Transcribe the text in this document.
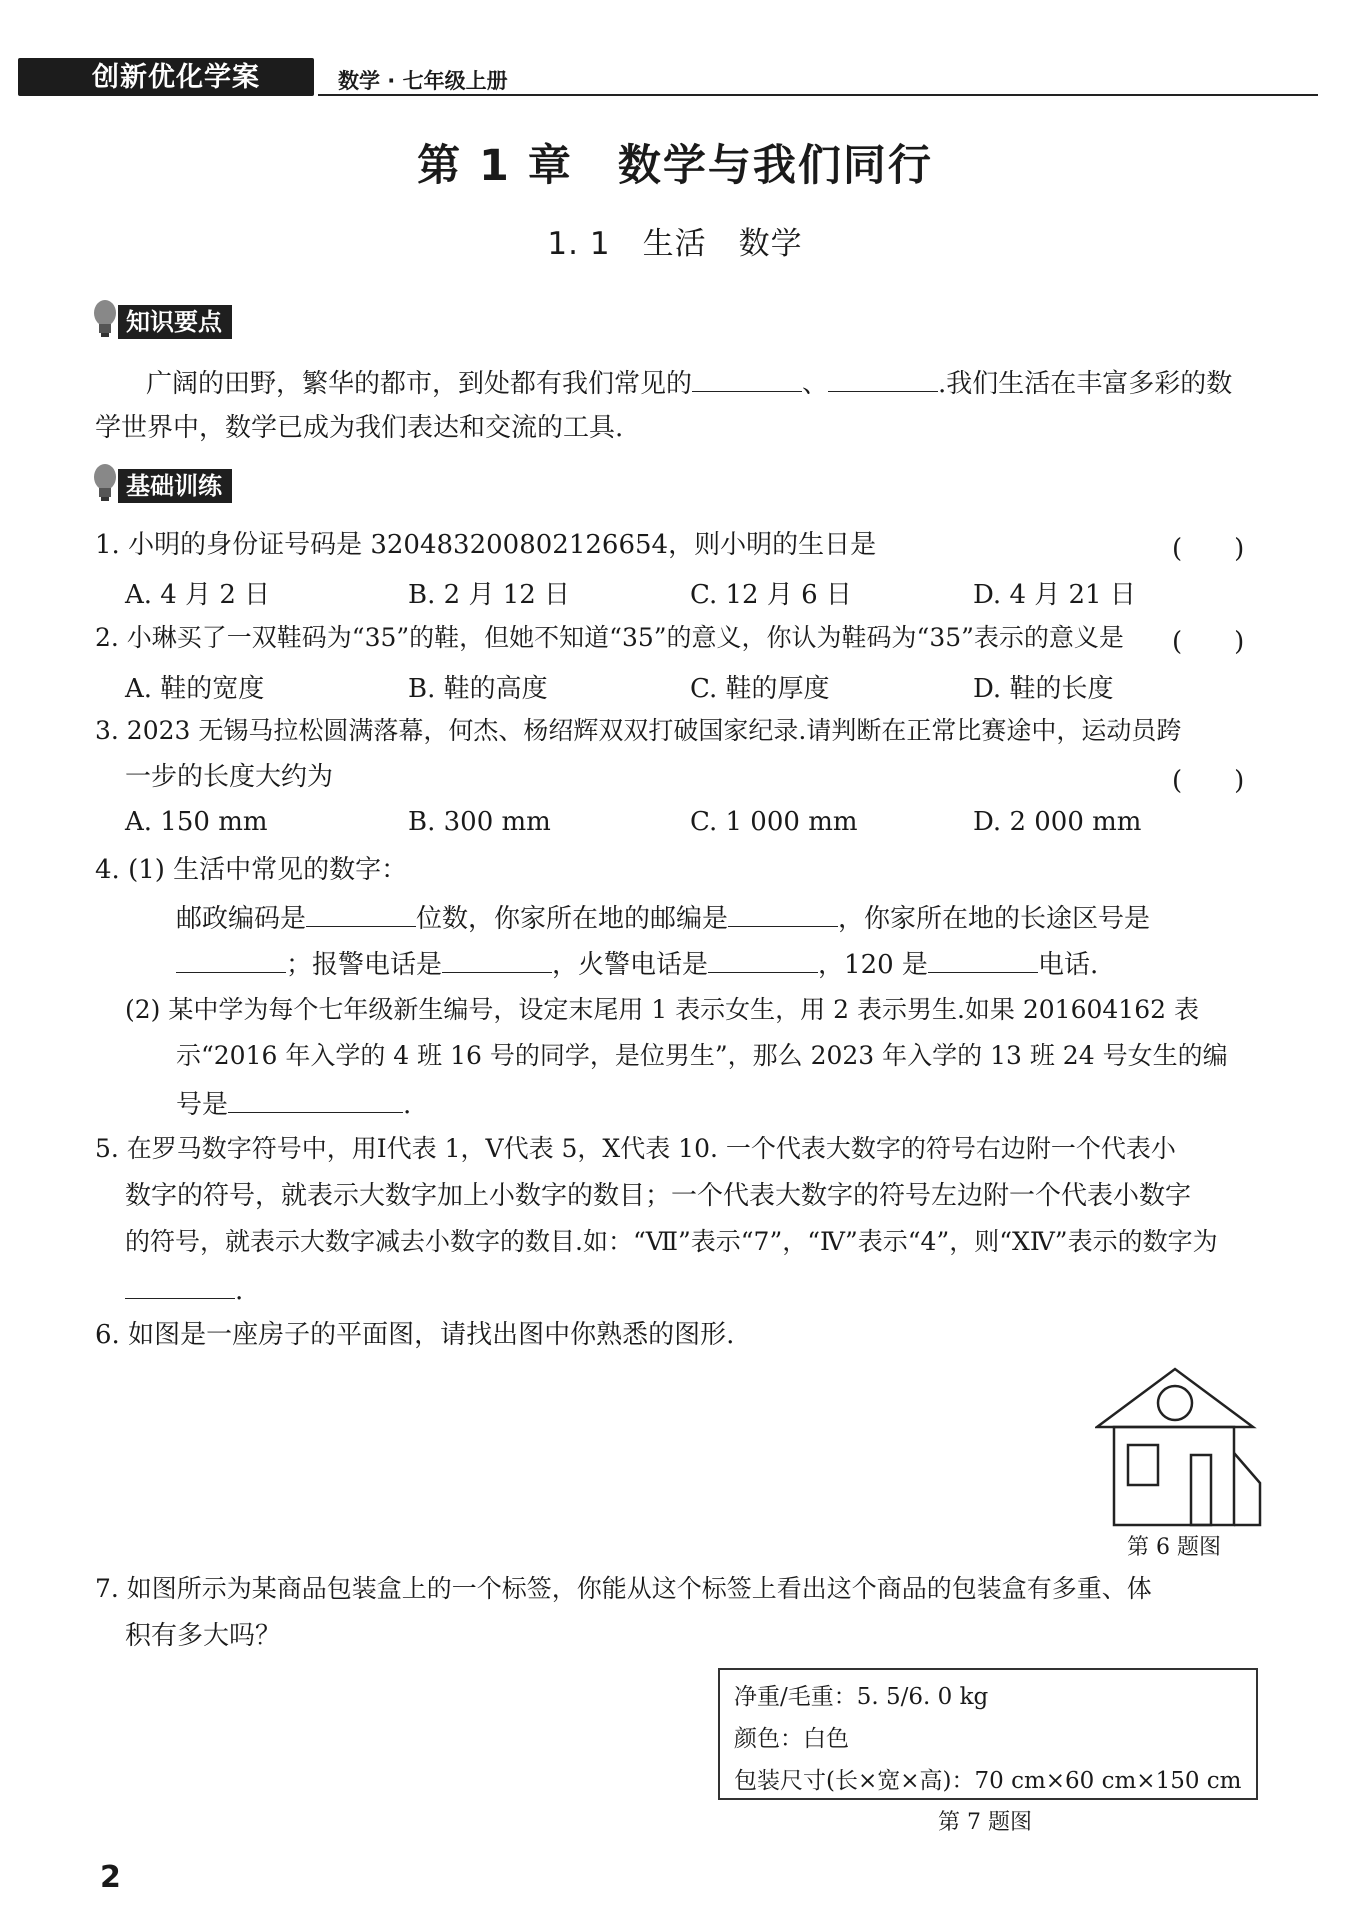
创新优化学案	数学 · 七年级上册
第 1 章　数学与我们同行
1. 1　生活　数学
知识要点
广阔的田野，繁华的都市，到处都有我们常见的	、	.我们生活在丰富多彩的数
学世界中，数学已成为我们表达和交流的工具.
基础训练
1. 小明的身份证号码是 320483200802126654，则小明的生日是	(　　)
A. 4 月 2 日	B. 2 月 12 日	C. 12 月 6 日	D. 4 月 21 日
2. 小琳买了一双鞋码为“35”的鞋，但她不知道“35”的意义，你认为鞋码为“35”表示的意义是 (　　)
A. 鞋的宽度	B. 鞋的高度	C. 鞋的厚度	D. 鞋的长度
3. 2023 无锡马拉松圆满落幕，何杰、杨绍辉双双打破国家纪录.请判断在正常比赛途中，运动员跨
一步的长度大约为	(　　)
A. 150 mm	B. 300 mm	C. 1 000 mm	D. 2 000 mm
4. (1) 生活中常见的数字：
邮政编码是	位数，你家所在地的邮编是	，你家所在地的长途区号是
；报警电话是	，火警电话是	，120 是	电话.
(2) 某中学为每个七年级新生编号，设定末尾用 1 表示女生，用 2 表示男生.如果 201604162 表
示“2016 年入学的 4 班 16 号的同学，是位男生”，那么 2023 年入学的 13 班 24 号女生的编
号是	.
5. 在罗马数字符号中，用Ⅰ代表 1，Ⅴ代表 5，Ⅹ代表 10. 一个代表大数字的符号右边附一个代表小
数字的符号，就表示大数字加上小数字的数目；一个代表大数字的符号左边附一个代表小数字
的符号，就表示大数字减去小数字的数目.如：“Ⅶ”表示“7”，“Ⅳ”表示“4”，则“ⅩⅣ”表示的数字为
.
6. 如图是一座房子的平面图，请找出图中你熟悉的图形.
第 6 题图
7. 如图所示为某商品包装盒上的一个标签，你能从这个标签上看出这个商品的包装盒有多重、体
积有多大吗？
净重/毛重：5. 5/6. 0 kg
颜色：白色
包装尺寸(长×宽×高)：70 cm×60 cm×150 cm
第 7 题图
2
